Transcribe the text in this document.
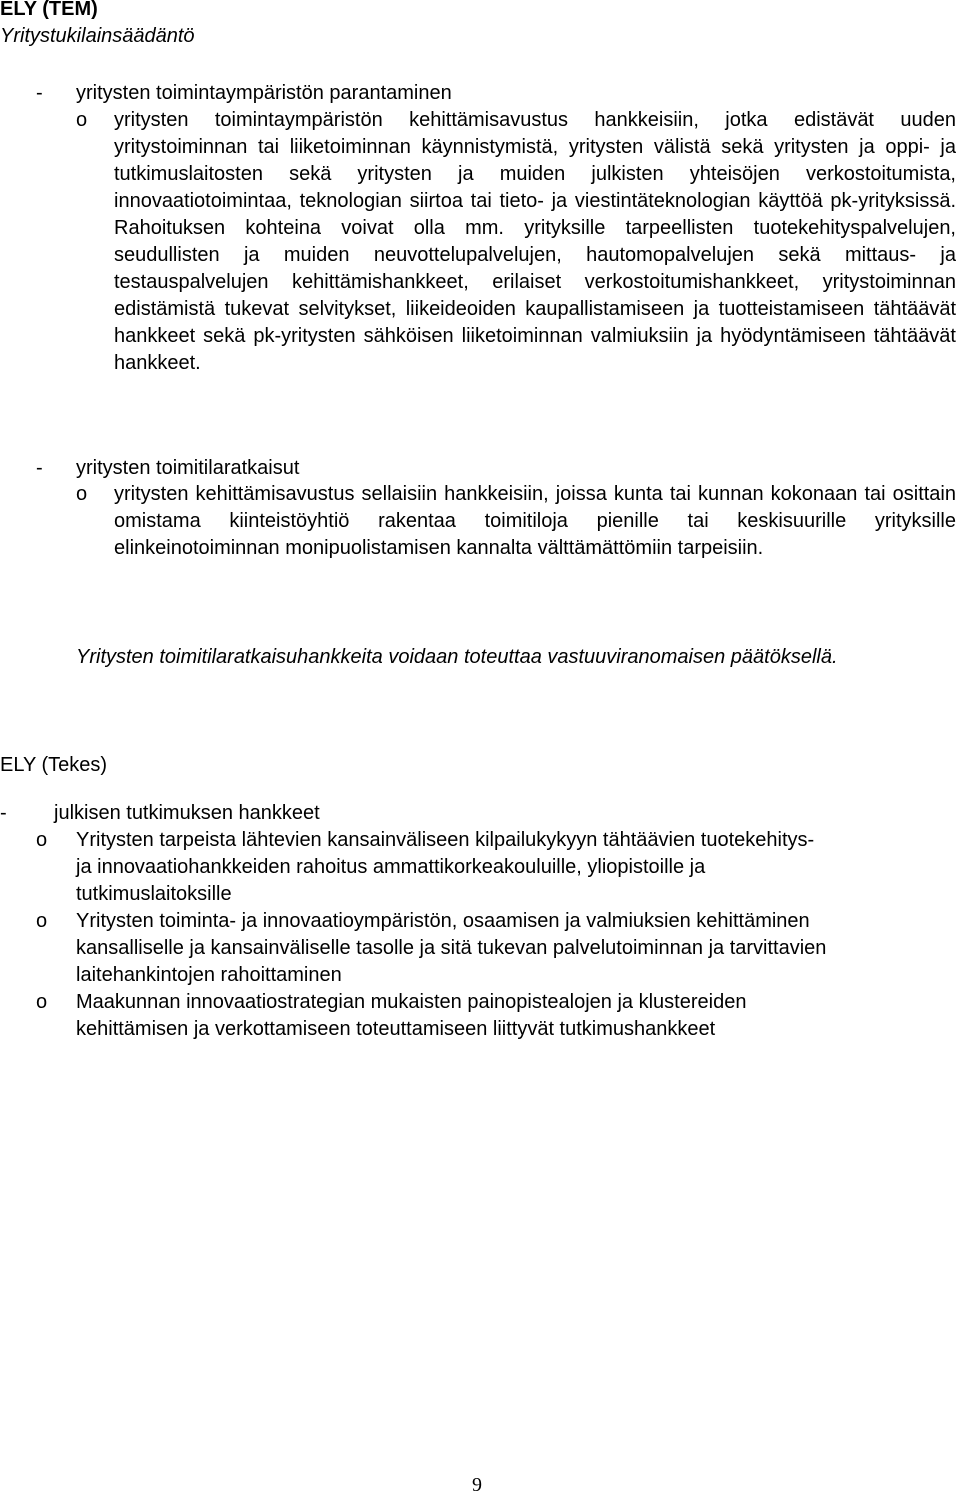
ELY (TEM)
Yritystukilainsäädäntö
- yritysten toimintaympäristön parantaminen
o yritysten toimintaympäristön kehittämisavustus hankkeisiin, jotka edistävät uuden yritystoiminnan tai liiketoiminnan käynnistymistä, yritysten välistä sekä yritysten ja oppi- ja tutkimuslaitosten sekä yritysten ja muiden julkisten yhteisöjen verkostoitumista, innovaatiotoimintaa, teknologian siirtoa tai tieto- ja viestintäteknologian käyttöä pk-yrityksissä. Rahoituksen kohteina voivat olla mm. yrityksille tarpeellisten tuotekehityspalvelujen, seudullisten ja muiden neuvottelupalvelujen, hautomopalvelujen sekä mittaus- ja testauspalvelujen kehittämishankkeet, erilaiset verkostoitumishankkeet, yritystoiminnan edistämistä tukevat selvitykset, liikeideoiden kaupallistamiseen ja tuotteistamiseen tähtäävät hankkeet sekä pk-yritysten sähköisen liiketoiminnan valmiuksiin ja hyödyntämiseen tähtäävät hankkeet.

- yritysten toimitilaratkaisut
o yritysten kehittämisavustus sellaisiin hankkeisiin, joissa kunta tai kunnan kokonaan tai osittain omistama kiinteistöyhtiö rakentaa toimitiloja pienille tai keskisuurille yrityksille elinkeinotoiminnan monipuolistamisen kannalta välttämättömiin tarpeisiin.

Yritysten toimitilaratkaisuhankkeita voidaan toteuttaa vastuuviranomaisen päätöksellä.

ELY (Tekes)
- julkisen tutkimuksen hankkeet
o Yritysten tarpeista lähtevien kansainväliseen kilpailukykyyn tähtäävien tuotekehitys-
ja innovaatiohankkeiden rahoitus ammattikorkeakouluille, yliopistoille ja
tutkimuslaitoksille
o Yritysten toiminta- ja innovaatioympäristön, osaamisen ja valmiuksien kehittäminen
kansalliselle ja kansainväliselle tasolle ja sitä tukevan palvelutoiminnan ja tarvittavien
laitehankintojen rahoittaminen
o Maakunnan innovaatiostrategian mukaisten painopistealojen ja klustereiden
kehittämisen ja verkottamiseen toteuttamiseen liittyvät tutkimushankkeet
9
